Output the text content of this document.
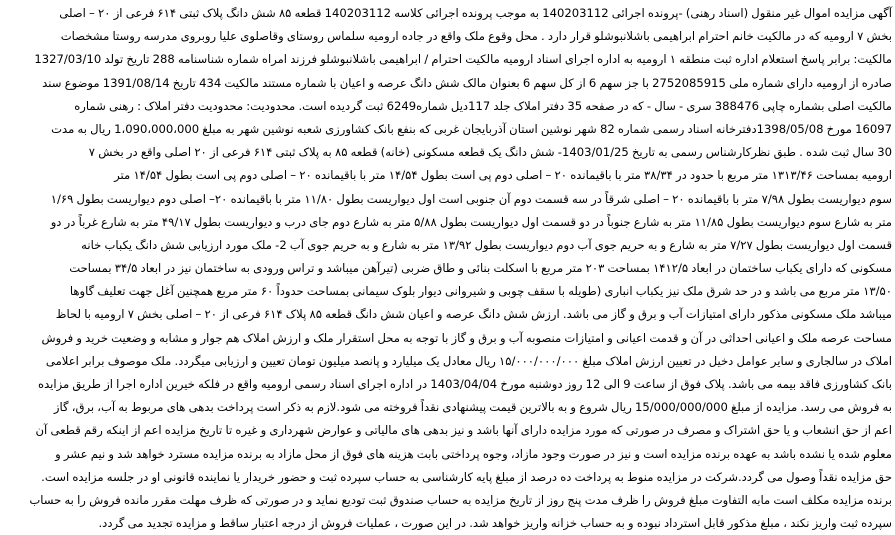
آگهی مزایده اموال غیر منقول (اسناد رهنی) -پرونده اجرائی 140203112 به موجب پرونده اجرائی کلاسه 140203112 قطعه ۸۵ شش دانگ پلاک ثبتی ۶۱۴ فرعی از ۲۰ – اصلی
بخش ۷ ارومیه که در مالکیت خانم احترام ابراهیمی باشلانبوشلو قرار دارد . محل وقوع ملک واقع در جاده ارومیه سلماس روستای وقاصلوی علیا روبروی مدرسه روستا مشخصات
مالکیت: برابر پاسخ استعلام اداره ثبت منطقه ۱ ارومیه به اداره اجرای اسناد ارومیه مالکیت احترام / ابراهیمی باشلانبوشلو فرزند امراه شماره شناسنامه 288 تاریخ تولد 1327/03/10
صادره از ارومیه دارای شماره ملی 2752085915 با جز سهم 6 از کل سهم 6 بعنوان مالک شش دانگ عرصه و اعیان با شماره مستند مالکیت 434 تاریخ 1391/08/14 موضوع سند
مالکیت اصلی بشماره چاپی 388476 سری - سال - که در صفحه 35 دفتر املاک جلد 117دیل شماره6249 ثبت گردیده است. محدودیت: محدودیت دفتر املاک : رهنی شماره
16097 مورخ 1398/05/08دفترخانه اسناد رسمی شماره 82 شهر نوشین استان آذربایجان غربی که بنفع بانک کشاورزی شعبه نوشین شهر به مبلغ 1،090،000،000 ریال به مدت
30 سال ثبت شده . طبق نظرکارشناس رسمی به تاریخ 1403/01/25- شش دانگ یک قطعه مسکونی (خانه) قطعه ۸۵ به پلاک ثبتی ۶۱۴ فرعی از ۲۰ اصلی واقع در بخش ۷
ارومیه بمساحت ۱۳۱۳/۴۶ متر مربع با حدود در ۳۸/۳۴ متر با باقیمانده ۲۰ – اصلی دوم پی است بطول ۱۴/۵۴ متر با باقیمانده ۲۰ – اصلی دوم پی است بطول ۱۴/۵۴ متر
سوم دیواریست بطول ۷/۹۸ متر با باقیمانده ۲۰ – اصلی شرقاً در سه قسمت دوم آن جنوبی است اول دیواریست بطول ۱۱/۸۰ متر با باقیمانده ۲۰– اصلی دوم دیواریست بطول ۱/۶۹
متر به شارع سوم دیواریست بطول ۱۱/۸۵ متر به شارع جنوباً در دو قسمت اول دیواریست بطول ۵/۸۸ متر به شارع دوم جای درب و دیواریست بطول ۴۹/۱۷ متر به شارع غرباً در دو
قسمت اول دیواریست بطول ۷/۲۷ متر به شارع و به حریم جوی آب دوم دیواریست بطول ۱۳/۹۲ متر به شارع و به حریم جوی آب 2- ملک مورد ارزیابی شش دانگ یکباب خانه
مسکونی که دارای یکباب ساختمان در ابعاد ۱۴۱۲/۵ بمساحت ۲۰۳ متر مربع با اسکلت بنائی و طاق ضربی (تیرآهن میباشد و تراس ورودی به ساختمان نیز در ابعاد ۳۴/۵ بمساحت
۱۳/۵۰ متر مربع می باشد و در حد شرق ملک نیز یکباب انباری (طویله با سقف چوبی و شیروانی دیوار بلوک سیمانی بمساحت حدوداً ۶۰ متر مربع همچنین آغل جهت تعلیف گاوها
میباشد ملک مسکونی مذکور دارای امتیازات آب و برق و گاز می باشد. ارزش شش دانگ عرصه و اعیان شش دانگ قطعه ۸۵ پلاک ۶۱۴ فرعی از ۲۰ – اصلی بخش ۷ ارومیه با لحاظ
مساحت عرصه ملک و اعیانی احداثی در آن و قدمت اعیانی و امتیازات منصوبه آب و برق و گاز با توجه به محل استقرار ملک و ارزش املاک هم جوار و مشابه و وضعیت خرید و فروش
املاک در سالجاری و سایر عوامل دخیل در تعیین ارزش املاک مبلغ ۱۵/۰۰۰/۰۰۰/۰۰۰ ریال معادل یک میلیارد و پانصد میلیون تومان تعیین و ارزیابی میگردد. ملک موصوف برابر اعلامی
بانک کشاورزی فاقد بیمه می باشد. پلاک فوق از ساعت 9 الی 12 روز دوشنبه مورخ 1403/04/04 در اداره اجرای اسناد رسمی ارومیه واقع در فلکه خیرین اداره اجرا از طریق مزایده
به فروش می رسد. مزایده از مبلغ 15/000/000/000 ریال شروع و به بالاترین قیمت پیشنهادی نقداً فروخته می شود.لازم به ذکر است پرداخت بدهی های مربوط به آب، برق، گاز
اعم از حق انشعاب و یا حق اشتراک و مصرف در صورتی که مورد مزایده دارای آنها باشد و نیز بدهی های مالیاتی و عوارض شهرداری و غیره تا تاریخ مزایده اعم از اینکه رقم قطعی آن
معلوم شده یا نشده باشد به عهده برنده مزایده است و نیز در صورت وجود مازاد، وجوه پرداختی بابت هزینه های فوق از محل مازاد به برنده مزایده مسترد خواهد شد و نیم عشر و
حق مزایده نقداً وصول می گردد.شرکت در مزایده منوط به پرداخت ده درصد از مبلغ پایه کارشناسی به حساب سپرده ثبت و حضور خریدار یا نماینده قانونی او در جلسه مزایده است.
برنده مزایده مکلف است مابه التفاوت مبلغ فروش را ظرف مدت پنج روز از تاریخ مزایده به حساب صندوق ثبت تودیع نماید و در صورتی که ظرف مهلت مقرر مانده فروش را به حساب
سپرده ثبت واریز نکند ، مبلغ مذکور قابل استرداد نبوده و به حساب خزانه واریز خواهد شد. در این صورت ، عملیات فروش از درجه اعتبار ساقط و مزایده تجدید می گردد.
